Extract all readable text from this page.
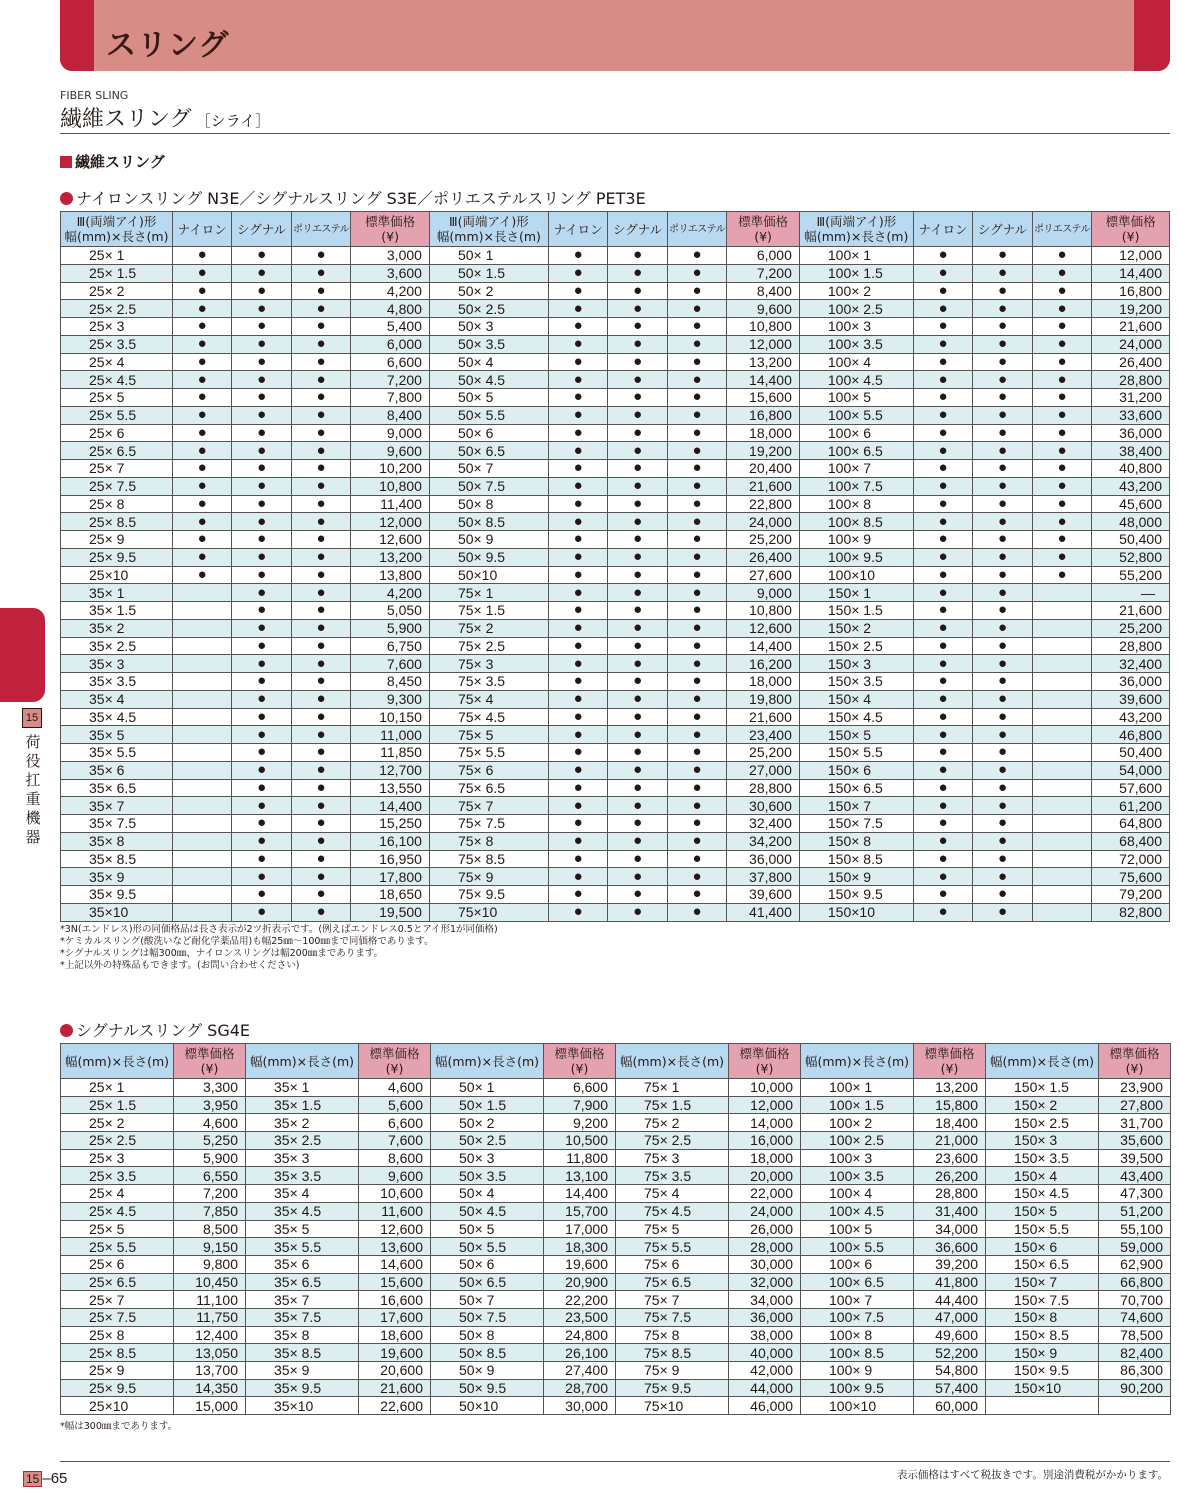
スリング
FIBER SLING
繊維スリング ［シライ］
繊維スリング
ナイロンスリング N3E／シグナルスリング S3E／ポリエステルスリング PET3E
Ⅲ(両端アイ)形
幅(mm)×長さ(m)	ナイロン	シグナル	ポリエステル	標準価格
(¥)	Ⅲ(両端アイ)形
幅(mm)×長さ(m)	ナイロン	シグナル	ポリエステル	標準価格
(¥)	Ⅲ(両端アイ)形
幅(mm)×長さ(m)	ナイロン	シグナル	ポリエステル	標準価格
(¥)
25× 1	●	●	●	3,000	50× 1	●	●	●	6,000	100× 1	●	●	●	12,000
25× 1.5	●	●	●	3,600	50× 1.5	●	●	●	7,200	100× 1.5	●	●	●	14,400
25× 2	●	●	●	4,200	50× 2	●	●	●	8,400	100× 2	●	●	●	16,800
25× 2.5	●	●	●	4,800	50× 2.5	●	●	●	9,600	100× 2.5	●	●	●	19,200
25× 3	●	●	●	5,400	50× 3	●	●	●	10,800	100× 3	●	●	●	21,600
25× 3.5	●	●	●	6,000	50× 3.5	●	●	●	12,000	100× 3.5	●	●	●	24,000
25× 4	●	●	●	6,600	50× 4	●	●	●	13,200	100× 4	●	●	●	26,400
25× 4.5	●	●	●	7,200	50× 4.5	●	●	●	14,400	100× 4.5	●	●	●	28,800
25× 5	●	●	●	7,800	50× 5	●	●	●	15,600	100× 5	●	●	●	31,200
25× 5.5	●	●	●	8,400	50× 5.5	●	●	●	16,800	100× 5.5	●	●	●	33,600
25× 6	●	●	●	9,000	50× 6	●	●	●	18,000	100× 6	●	●	●	36,000
25× 6.5	●	●	●	9,600	50× 6.5	●	●	●	19,200	100× 6.5	●	●	●	38,400
25× 7	●	●	●	10,200	50× 7	●	●	●	20,400	100× 7	●	●	●	40,800
25× 7.5	●	●	●	10,800	50× 7.5	●	●	●	21,600	100× 7.5	●	●	●	43,200
25× 8	●	●	●	11,400	50× 8	●	●	●	22,800	100× 8	●	●	●	45,600
25× 8.5	●	●	●	12,000	50× 8.5	●	●	●	24,000	100× 8.5	●	●	●	48,000
25× 9	●	●	●	12,600	50× 9	●	●	●	25,200	100× 9	●	●	●	50,400
25× 9.5	●	●	●	13,200	50× 9.5	●	●	●	26,400	100× 9.5	●	●	●	52,800
25×10	●	●	●	13,800	50×10	●	●	●	27,600	100×10	●	●	●	55,200
35× 1		●	●	4,200	75× 1	●	●	●	9,000	150× 1	●	●		—
35× 1.5		●	●	5,050	75× 1.5	●	●	●	10,800	150× 1.5	●	●		21,600
35× 2		●	●	5,900	75× 2	●	●	●	12,600	150× 2	●	●		25,200
35× 2.5		●	●	6,750	75× 2.5	●	●	●	14,400	150× 2.5	●	●		28,800
35× 3		●	●	7,600	75× 3	●	●	●	16,200	150× 3	●	●		32,400
35× 3.5		●	●	8,450	75× 3.5	●	●	●	18,000	150× 3.5	●	●		36,000
35× 4		●	●	9,300	75× 4	●	●	●	19,800	150× 4	●	●		39,600
35× 4.5		●	●	10,150	75× 4.5	●	●	●	21,600	150× 4.5	●	●		43,200
35× 5		●	●	11,000	75× 5	●	●	●	23,400	150× 5	●	●		46,800
35× 5.5		●	●	11,850	75× 5.5	●	●	●	25,200	150× 5.5	●	●		50,400
35× 6		●	●	12,700	75× 6	●	●	●	27,000	150× 6	●	●		54,000
35× 6.5		●	●	13,550	75× 6.5	●	●	●	28,800	150× 6.5	●	●		57,600
35× 7		●	●	14,400	75× 7	●	●	●	30,600	150× 7	●	●		61,200
35× 7.5		●	●	15,250	75× 7.5	●	●	●	32,400	150× 7.5	●	●		64,800
35× 8		●	●	16,100	75× 8	●	●	●	34,200	150× 8	●	●		68,400
35× 8.5		●	●	16,950	75× 8.5	●	●	●	36,000	150× 8.5	●	●		72,000
35× 9		●	●	17,800	75× 9	●	●	●	37,800	150× 9	●	●		75,600
35× 9.5		●	●	18,650	75× 9.5	●	●	●	39,600	150× 9.5	●	●		79,200
35×10		●	●	19,500	75×10	●	●	●	41,400	150×10	●	●		82,800
*3N(エンドレス)形の同価格品は長さ表示が2ツ折表示です。(例えばエンドレス0.5とアイ形1が同価格)
*ケミカルスリング(酸洗いなど耐化学薬品用)も幅25㎜～100㎜まで同価格であります。
*シグナルスリングは幅300㎜、ナイロンスリングは幅200㎜まであります。
*上記以外の特殊品もできます。(お問い合わせください)
シグナルスリング SG4E
幅(mm)×長さ(m)	標準価格
(¥)	幅(mm)×長さ(m)	標準価格
(¥)	幅(mm)×長さ(m)	標準価格
(¥)	幅(mm)×長さ(m)	標準価格
(¥)	幅(mm)×長さ(m)	標準価格
(¥)	幅(mm)×長さ(m)	標準価格
(¥)
25× 1	3,300	35× 1	4,600	50× 1	6,600	75× 1	10,000	100× 1	13,200	150× 1.5	23,900
25× 1.5	3,950	35× 1.5	5,600	50× 1.5	7,900	75× 1.5	12,000	100× 1.5	15,800	150× 2	27,800
25× 2	4,600	35× 2	6,600	50× 2	9,200	75× 2	14,000	100× 2	18,400	150× 2.5	31,700
25× 2.5	5,250	35× 2.5	7,600	50× 2.5	10,500	75× 2.5	16,000	100× 2.5	21,000	150× 3	35,600
25× 3	5,900	35× 3	8,600	50× 3	11,800	75× 3	18,000	100× 3	23,600	150× 3.5	39,500
25× 3.5	6,550	35× 3.5	9,600	50× 3.5	13,100	75× 3.5	20,000	100× 3.5	26,200	150× 4	43,400
25× 4	7,200	35× 4	10,600	50× 4	14,400	75× 4	22,000	100× 4	28,800	150× 4.5	47,300
25× 4.5	7,850	35× 4.5	11,600	50× 4.5	15,700	75× 4.5	24,000	100× 4.5	31,400	150× 5	51,200
25× 5	8,500	35× 5	12,600	50× 5	17,000	75× 5	26,000	100× 5	34,000	150× 5.5	55,100
25× 5.5	9,150	35× 5.5	13,600	50× 5.5	18,300	75× 5.5	28,000	100× 5.5	36,600	150× 6	59,000
25× 6	9,800	35× 6	14,600	50× 6	19,600	75× 6	30,000	100× 6	39,200	150× 6.5	62,900
25× 6.5	10,450	35× 6.5	15,600	50× 6.5	20,900	75× 6.5	32,000	100× 6.5	41,800	150× 7	66,800
25× 7	11,100	35× 7	16,600	50× 7	22,200	75× 7	34,000	100× 7	44,400	150× 7.5	70,700
25× 7.5	11,750	35× 7.5	17,600	50× 7.5	23,500	75× 7.5	36,000	100× 7.5	47,000	150× 8	74,600
25× 8	12,400	35× 8	18,600	50× 8	24,800	75× 8	38,000	100× 8	49,600	150× 8.5	78,500
25× 8.5	13,050	35× 8.5	19,600	50× 8.5	26,100	75× 8.5	40,000	100× 8.5	52,200	150× 9	82,400
25× 9	13,700	35× 9	20,600	50× 9	27,400	75× 9	42,000	100× 9	54,800	150× 9.5	86,300
25× 9.5	14,350	35× 9.5	21,600	50× 9.5	28,700	75× 9.5	44,000	100× 9.5	57,400	150×10	90,200
25×10	15,000	35×10	22,600	50×10	30,000	75×10	46,000	100×10	60,000		
*幅は300㎜まであります。
15
荷役扛重機器
15 –65	表示価格はすべて税抜きです。別途消費税がかかります。
